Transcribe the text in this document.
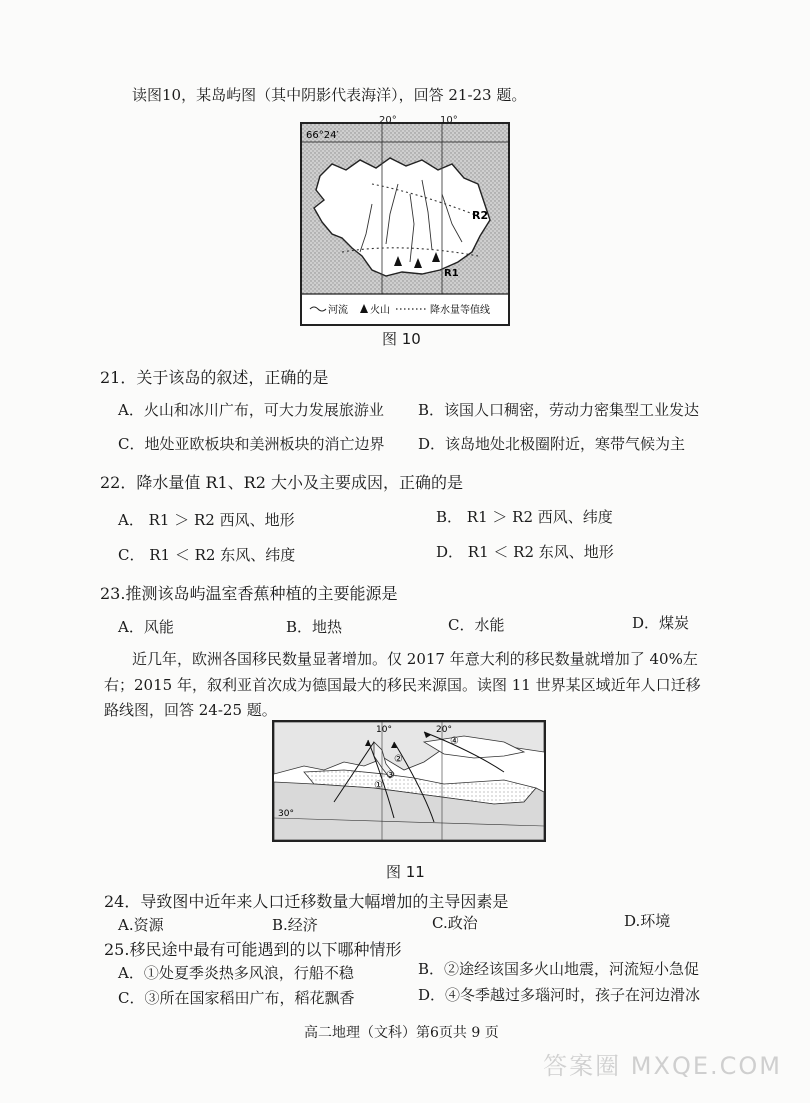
读图10，某岛屿图（其中阴影代表海洋），回答 21-23 题。
66°24′
R2
R1
河流 火山	降水量等值线
20°	10°
图 10
21．关于该岛的叙述，正确的是
A．火山和冰川广布，可大力发展旅游业 B．该国人口稠密，劳动力密集型工业发达
C．地处亚欧板块和美洲板块的消亡边界 D．该岛地处北极圈附近，寒带气候为主
22．降水量值 R1、R2 大小及主要成因，正确的是
A． R1 ＞ R2 西风、地形	B． R1 ＞ R2 西风、纬度
C． R1 ＜ R2 东风、纬度	D． R1 ＜ R2 东风、地形
23.推测该岛屿温室香蕉种植的主要能源是
A．风能	B．地热	C．水能	D．煤炭
近几年，欧洲各国移民数量显著增加。仅 2017 年意大利的移民数量就增加了 40%左
右；2015 年，叙利亚首次成为德国最大的移民来源国。读图 11 世界某区域近年人口迁移
路线图，回答 24-25 题。
10°	20°
30°
①
②
③
④
图 11
24．导致图中近年来人口迁移数量大幅增加的主导因素是
A.资源	B.经济	C.政治	D.环境
25.移民途中最有可能遇到的以下哪种情形
A．①处夏季炎热多风浪，行船不稳	B．②途经该国多火山地震，河流短小急促
C．③所在国家稻田广布，稻花飘香	D．④冬季越过多瑙河时，孩子在河边滑冰
高二地理（文科）第6页共 9 页
答案圈 MXQE.COM
